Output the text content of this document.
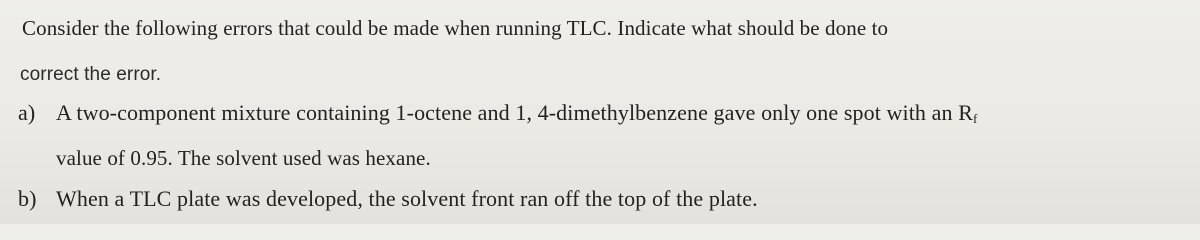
Consider the following errors that could be made when running TLC. Indicate what should be done to
correct the error.
a) A two-component mixture containing 1-octene and 1, 4-dimethylbenzene gave only one spot with an $R_f$
value of 0.95. The solvent used was hexane.
b) When a TLC plate was developed, the solvent front ran off the top of the plate.
